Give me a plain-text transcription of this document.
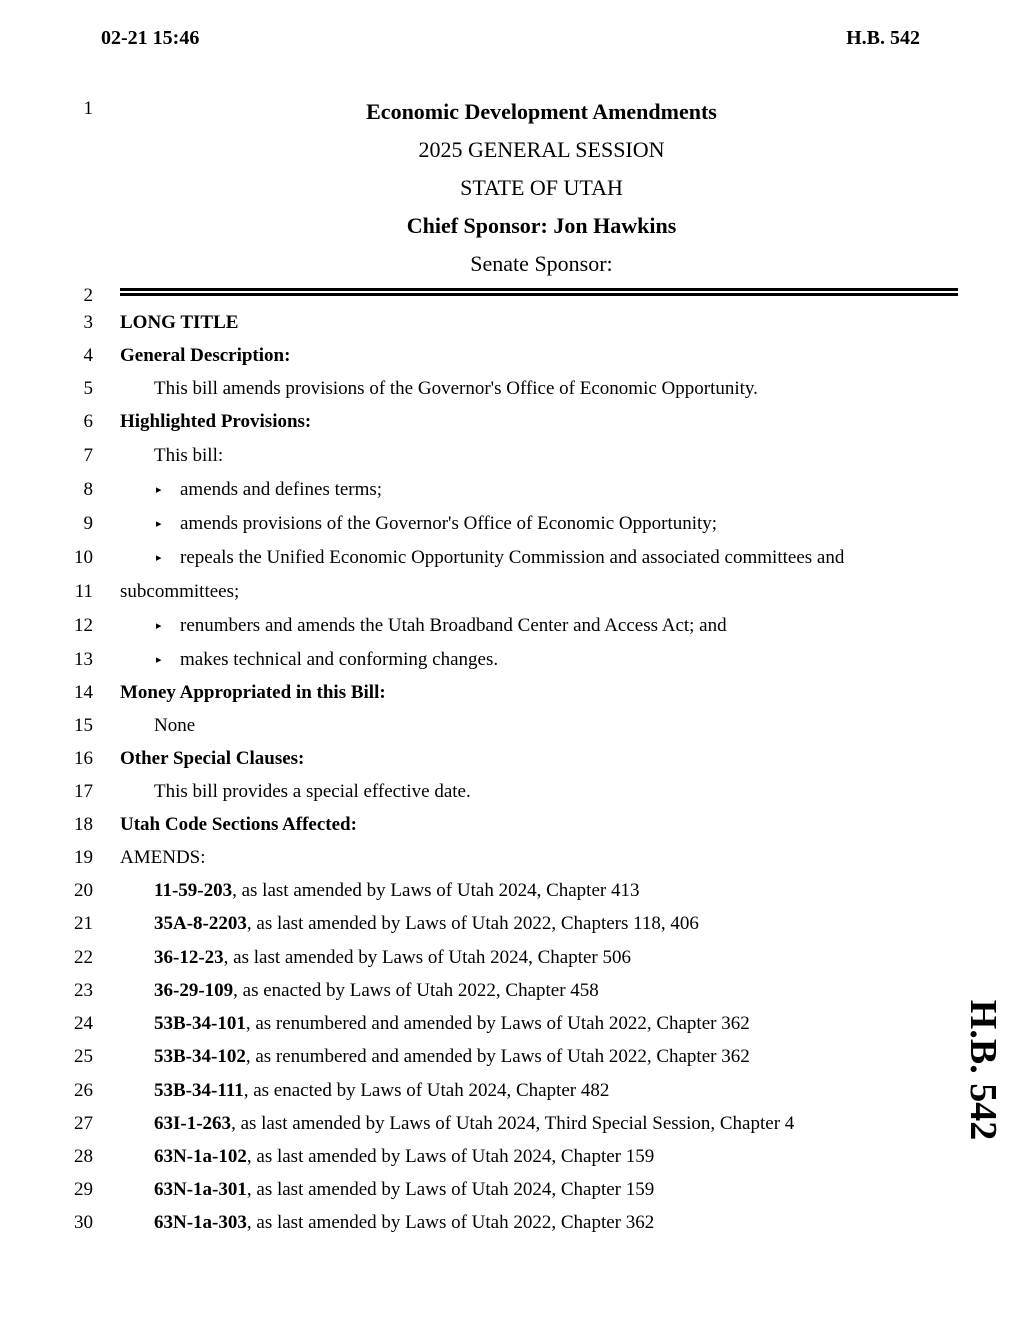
02-21 15:46	H.B. 542
1	Economic Development Amendments
2025 GENERAL SESSION
STATE OF UTAH
Chief Sponsor: Jon Hawkins
Senate Sponsor:
2
3 LONG TITLE
4 General Description:
5	This bill amends provisions of the Governor's Office of Economic Opportunity.
6 Highlighted Provisions:
7	This bill:
8	▸ amends and defines terms;
9	▸ amends provisions of the Governor's Office of Economic Opportunity;
10	▸ repeals the Unified Economic Opportunity Commission and associated committees and
11 subcommittees;
12	▸ renumbers and amends the Utah Broadband Center and Access Act; and
13	▸ makes technical and conforming changes.
14 Money Appropriated in this Bill:
15	None
16 Other Special Clauses:
17	This bill provides a special effective date.
18 Utah Code Sections Affected:
19 AMENDS:
20	11-59-203, as last amended by Laws of Utah 2024, Chapter 413
21	35A-8-2203, as last amended by Laws of Utah 2022, Chapters 118, 406
22	36-12-23, as last amended by Laws of Utah 2024, Chapter 506
23	36-29-109, as enacted by Laws of Utah 2022, Chapter 458
24	53B-34-101, as renumbered and amended by Laws of Utah 2022, Chapter 362
25	53B-34-102, as renumbered and amended by Laws of Utah 2022, Chapter 362
26	53B-34-111, as enacted by Laws of Utah 2024, Chapter 482
27	63I-1-263, as last amended by Laws of Utah 2024, Third Special Session, Chapter 4
28	63N-1a-102, as last amended by Laws of Utah 2024, Chapter 159
29	63N-1a-301, as last amended by Laws of Utah 2024, Chapter 159
30	63N-1a-303, as last amended by Laws of Utah 2022, Chapter 362
H.B. 542
